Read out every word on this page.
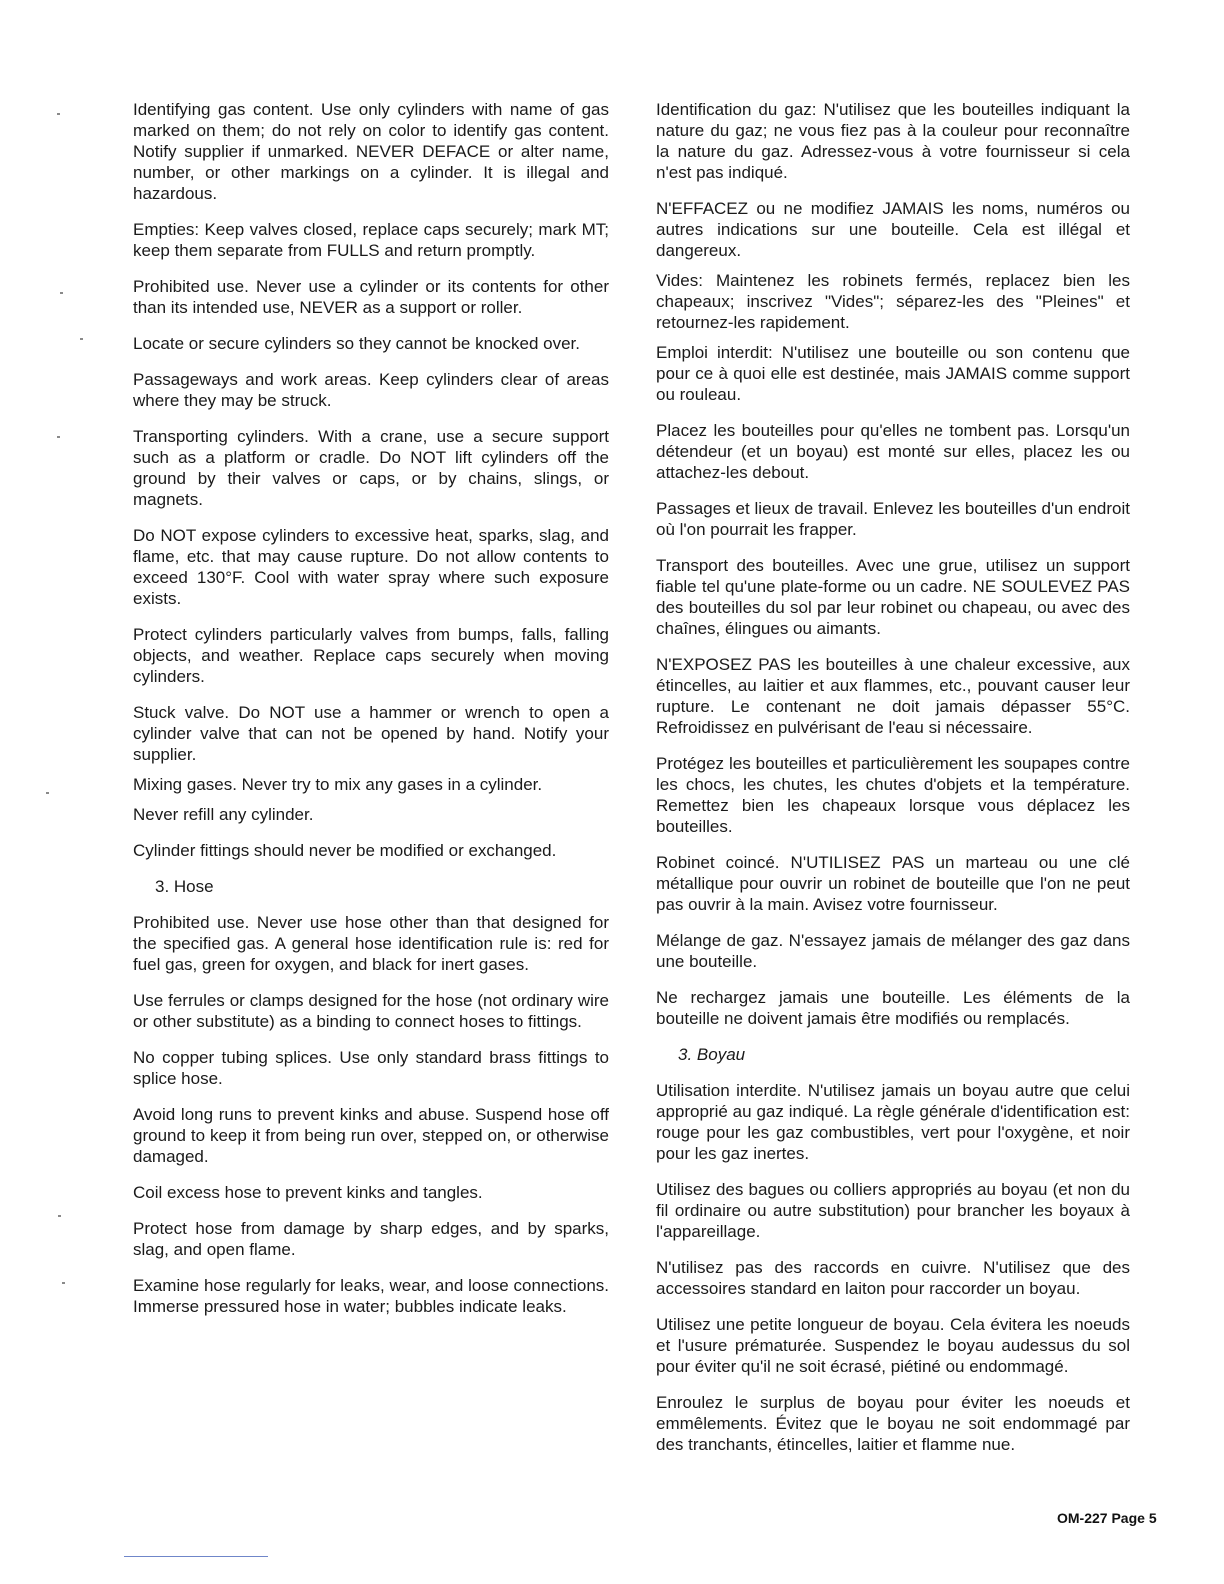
Identifying gas content. Use only cylinders with name of gas marked on them; do not rely on color to identify gas content. Notify supplier if unmarked. NEVER DEFACE or alter name, number, or other markings on a cylinder. It is illegal and hazardous.

Empties: Keep valves closed, replace caps securely; mark MT; keep them separate from FULLS and return promptly.

Prohibited use. Never use a cylinder or its contents for other than its intended use, NEVER as a support or roller.

Locate or secure cylinders so they cannot be knocked over.

Passageways and work areas. Keep cylinders clear of areas where they may be struck.

Transporting cylinders. With a crane, use a secure support such as a platform or cradle. Do NOT lift cylinders off the ground by their valves or caps, or by chains, slings, or magnets.

Do NOT expose cylinders to excessive heat, sparks, slag, and flame, etc. that may cause rupture. Do not allow contents to exceed 130°F. Cool with water spray where such exposure exists.

Protect cylinders particularly valves from bumps, falls, falling objects, and weather. Replace caps securely when moving cylinders.

Stuck valve. Do NOT use a hammer or wrench to open a cylinder valve that can not be opened by hand. Notify your supplier.

Mixing gases. Never try to mix any gases in a cylinder.

Never refill any cylinder.

Cylinder fittings should never be modified or exchanged.

3. Hose

Prohibited use. Never use hose other than that designed for the specified gas. A general hose identification rule is: red for fuel gas, green for oxygen, and black for inert gases.

Use ferrules or clamps designed for the hose (not ordinary wire or other substitute) as a binding to connect hoses to fittings.

No copper tubing splices. Use only standard brass fittings to splice hose.

Avoid long runs to prevent kinks and abuse. Suspend hose off ground to keep it from being run over, stepped on, or otherwise damaged.

Coil excess hose to prevent kinks and tangles.

Protect hose from damage by sharp edges, and by sparks, slag, and open flame.

Examine hose regularly for leaks, wear, and loose connections. Immerse pressured hose in water; bubbles indicate leaks.

Identification du gaz: N'utilisez que les bouteilles indiquant la nature du gaz; ne vous fiez pas à la couleur pour reconnaître la nature du gaz. Adressez-vous à votre fournisseur si cela n'est pas indiqué.

N'EFFACEZ ou ne modifiez JAMAIS les noms, numéros ou autres indications sur une bouteille. Cela est illégal et dangereux.

Vides: Maintenez les robinets fermés, replacez bien les chapeaux; inscrivez "Vides"; séparez-les des "Pleines" et retournez-les rapidement.

Emploi interdit: N'utilisez une bouteille ou son contenu que pour ce à quoi elle est destinée, mais JAMAIS comme support ou rouleau.

Placez les bouteilles pour qu'elles ne tombent pas. Lorsqu'un détendeur (et un boyau) est monté sur elles, placez les ou attachez-les debout.

Passages et lieux de travail. Enlevez les bouteilles d'un endroit où l'on pourrait les frapper.

Transport des bouteilles. Avec une grue, utilisez un support fiable tel qu'une plate-forme ou un cadre. NE SOULEVEZ PAS des bouteilles du sol par leur robinet ou chapeau, ou avec des chaînes, élingues ou aimants.

N'EXPOSEZ PAS les bouteilles à une chaleur excessive, aux étincelles, au laitier et aux flammes, etc., pouvant causer leur rupture. Le contenant ne doit jamais dépasser 55°C. Refroidissez en pulvérisant de l'eau si nécessaire.

Protégez les bouteilles et particulièrement les soupapes contre les chocs, les chutes, les chutes d'objets et la température. Remettez bien les chapeaux lorsque vous déplacez les bouteilles.

Robinet coincé. N'UTILISEZ PAS un marteau ou une clé métallique pour ouvrir un robinet de bouteille que l'on ne peut pas ouvrir à la main. Avisez votre fournisseur.

Mélange de gaz. N'essayez jamais de mélanger des gaz dans une bouteille.

Ne rechargez jamais une bouteille. Les éléments de la bouteille ne doivent jamais être modifiés ou remplacés.

3. Boyau

Utilisation interdite. N'utilisez jamais un boyau autre que celui approprié au gaz indiqué. La règle générale d'identification est: rouge pour les gaz combustibles, vert pour l'oxygène, et noir pour les gaz inertes.

Utilisez des bagues ou colliers appropriés au boyau (et non du fil ordinaire ou autre substitution) pour brancher les boyaux à l'appareillage.

N'utilisez pas des raccords en cuivre. N'utilisez que des accessoires standard en laiton pour raccorder un boyau.

Utilisez une petite longueur de boyau. Cela évitera les noeuds et l'usure prématurée. Suspendez le boyau audessus du sol pour éviter qu'il ne soit écrasé, piétiné ou endommagé.

Enroulez le surplus de boyau pour éviter les noeuds et emmêlements. Évitez que le boyau ne soit endommagé par des tranchants, étincelles, laitier et flamme nue.

OM-227 Page 5
